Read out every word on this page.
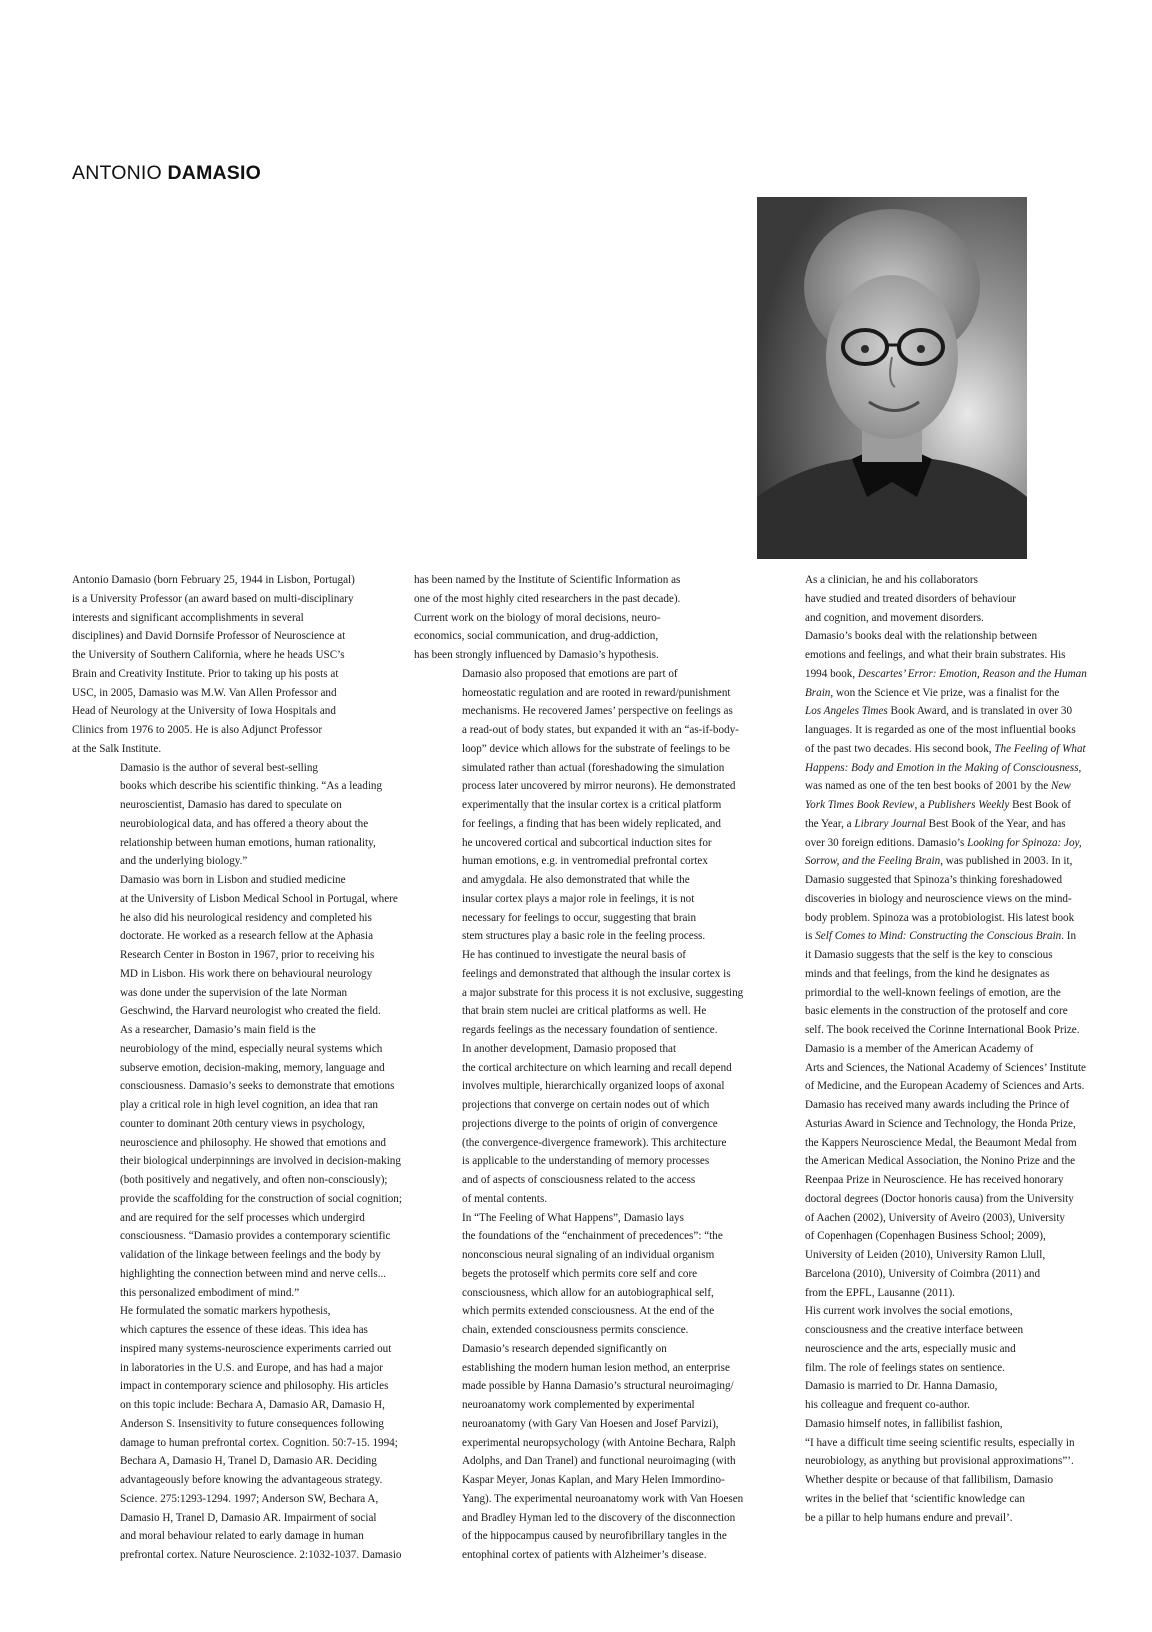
ANTONIO DAMASIO

Antonio Damasio (born February 25, 1944 in Lisbon, Portugal)
is a University Professor (an award based on multi-disciplinary
interests and significant accomplishments in several
disciplines) and David Dornsife Professor of Neuroscience at
the University of Southern California, where he heads USC’s
Brain and Creativity Institute. Prior to taking up his posts at
USC, in 2005, Damasio was M.W. Van Allen Professor and
Head of Neurology at the University of Iowa Hospitals and
Clinics from 1976 to 2005. He is also Adjunct Professor
at the Salk Institute.

Damasio is the author of several best-selling
books which describe his scientific thinking. “As a leading
neuroscientist, Damasio has dared to speculate on
neurobiological data, and has offered a theory about the
relationship between human emotions, human rationality,
and the underlying biology.”

Damasio was born in Lisbon and studied medicine
at the University of Lisbon Medical School in Portugal, where
he also did his neurological residency and completed his
doctorate. He worked as a research fellow at the Aphasia
Research Center in Boston in 1967, prior to receiving his
MD in Lisbon. His work there on behavioural neurology
was done under the supervision of the late Norman
Geschwind, the Harvard neurologist who created the field.

As a researcher, Damasio’s main field is the
neurobiology of the mind, especially neural systems which
subserve emotion, decision-making, memory, language and
consciousness. Damasio’s seeks to demonstrate that emotions
play a critical role in high level cognition, an idea that ran
counter to dominant 20th century views in psychology,
neuroscience and philosophy. He showed that emotions and
their biological underpinnings are involved in decision-making
(both positively and negatively, and often non-consciously);
provide the scaffolding for the construction of social cognition;
and are required for the self processes which undergird
consciousness. “Damasio provides a contemporary scientific
validation of the linkage between feelings and the body by
highlighting the connection between mind and nerve cells...
this personalized embodiment of mind.”

He formulated the somatic markers hypothesis,
which captures the essence of these ideas. This idea has
inspired many systems-neuroscience experiments carried out
in laboratories in the U.S. and Europe, and has had a major
impact in contemporary science and philosophy. His articles
on this topic include: Bechara A, Damasio AR, Damasio H,
Anderson S. Insensitivity to future consequences following
damage to human prefrontal cortex. Cognition. 50:7-15. 1994;
Bechara A, Damasio H, Tranel D, Damasio AR. Deciding
advantageously before knowing the advantageous strategy.
Science. 275:1293-1294. 1997; Anderson SW, Bechara A,
Damasio H, Tranel D, Damasio AR. Impairment of social
and moral behaviour related to early damage in human
prefrontal cortex. Nature Neuroscience. 2:1032-1037. Damasio

has been named by the Institute of Scientific Information as
one of the most highly cited researchers in the past decade).
Current work on the biology of moral decisions, neuro-
economics, social communication, and drug-addiction,
has been strongly influenced by Damasio’s hypothesis.

Damasio also proposed that emotions are part of
homeostatic regulation and are rooted in reward/punishment
mechanisms. He recovered James’ perspective on feelings as
a read-out of body states, but expanded it with an “as-if-body-
loop” device which allows for the substrate of feelings to be
simulated rather than actual (foreshadowing the simulation
process later uncovered by mirror neurons). He demonstrated
experimentally that the insular cortex is a critical platform
for feelings, a finding that has been widely replicated, and
he uncovered cortical and subcortical induction sites for
human emotions, e.g. in ventromedial prefrontal cortex
and amygdala. He also demonstrated that while the
insular cortex plays a major role in feelings, it is not
necessary for feelings to occur, suggesting that brain
stem structures play a basic role in the feeling process.

He has continued to investigate the neural basis of
feelings and demonstrated that although the insular cortex is
a major substrate for this process it is not exclusive, suggesting
that brain stem nuclei are critical platforms as well. He
regards feelings as the necessary foundation of sentience.

In another development, Damasio proposed that
the cortical architecture on which learning and recall depend
involves multiple, hierarchically organized loops of axonal
projections that converge on certain nodes out of which
projections diverge to the points of origin of convergence
(the convergence-divergence framework). This architecture
is applicable to the understanding of memory processes
and of aspects of consciousness related to the access
of mental contents.

In “The Feeling of What Happens”, Damasio lays
the foundations of the “enchainment of precedences”: “the
nonconscious neural signaling of an individual organism
begets the protoself which permits core self and core
consciousness, which allow for an autobiographical self,
which permits extended consciousness. At the end of the
chain, extended consciousness permits conscience.

Damasio’s research depended significantly on
establishing the modern human lesion method, an enterprise
made possible by Hanna Damasio’s structural neuroimaging/
neuroanatomy work complemented by experimental
neuroanatomy (with Gary Van Hoesen and Josef Parvizi),
experimental neuropsychology (with Antoine Bechara, Ralph
Adolphs, and Dan Tranel) and functional neuroimaging (with
Kaspar Meyer, Jonas Kaplan, and Mary Helen Immordino-
Yang). The experimental neuroanatomy work with Van Hoesen
and Bradley Hyman led to the discovery of the disconnection
of the hippocampus caused by neurofibrillary tangles in the
entophinal cortex of patients with Alzheimer’s disease.

As a clinician, he and his collaborators
have studied and treated disorders of behaviour
and cognition, and movement disorders.

Damasio’s books deal with the relationship between
emotions and feelings, and what their brain substrates. His
1994 book, Descartes’ Error: Emotion, Reason and the Human
Brain, won the Science et Vie prize, was a finalist for the
Los Angeles Times Book Award, and is translated in over 30
languages. It is regarded as one of the most influential books
of the past two decades. His second book, The Feeling of What
Happens: Body and Emotion in the Making of Consciousness,
was named as one of the ten best books of 2001 by the New
York Times Book Review, a Publishers Weekly Best Book of
the Year, a Library Journal Best Book of the Year, and has
over 30 foreign editions. Damasio’s Looking for Spinoza: Joy,
Sorrow, and the Feeling Brain, was published in 2003. In it,
Damasio suggested that Spinoza’s thinking foreshadowed
discoveries in biology and neuroscience views on the mind-
body problem. Spinoza was a protobiologist. His latest book
is Self Comes to Mind: Constructing the Conscious Brain. In
it Damasio suggests that the self is the key to conscious
minds and that feelings, from the kind he designates as
primordial to the well-known feelings of emotion, are the
basic elements in the construction of the protoself and core
self. The book received the Corinne International Book Prize.

Damasio is a member of the American Academy of
Arts and Sciences, the National Academy of Sciences’ Institute
of Medicine, and the European Academy of Sciences and Arts.
Damasio has received many awards including the Prince of
Asturias Award in Science and Technology, the Honda Prize,
the Kappers Neuroscience Medal, the Beaumont Medal from
the American Medical Association, the Nonino Prize and the
Reenpaa Prize in Neuroscience. He has received honorary
doctoral degrees (Doctor honoris causa) from the University
of Aachen (2002), University of Aveiro (2003), University
of Copenhagen (Copenhagen Business School; 2009),
University of Leiden (2010), University Ramon Llull,
Barcelona (2010), University of Coimbra (2011) and
from the EPFL, Lausanne (2011).

His current work involves the social emotions,
consciousness and the creative interface between
neuroscience and the arts, especially music and
film. The role of feelings states on sentience.

Damasio is married to Dr. Hanna Damasio,
his colleague and frequent co-author.

Damasio himself notes, in fallibilist fashion,
“I have a difficult time seeing scientific results, especially in
neurobiology, as anything but provisional approximations”’.
Whether despite or because of that fallibilism, Damasio
writes in the belief that ‘scientific knowledge can
be a pillar to help humans endure and prevail’.
